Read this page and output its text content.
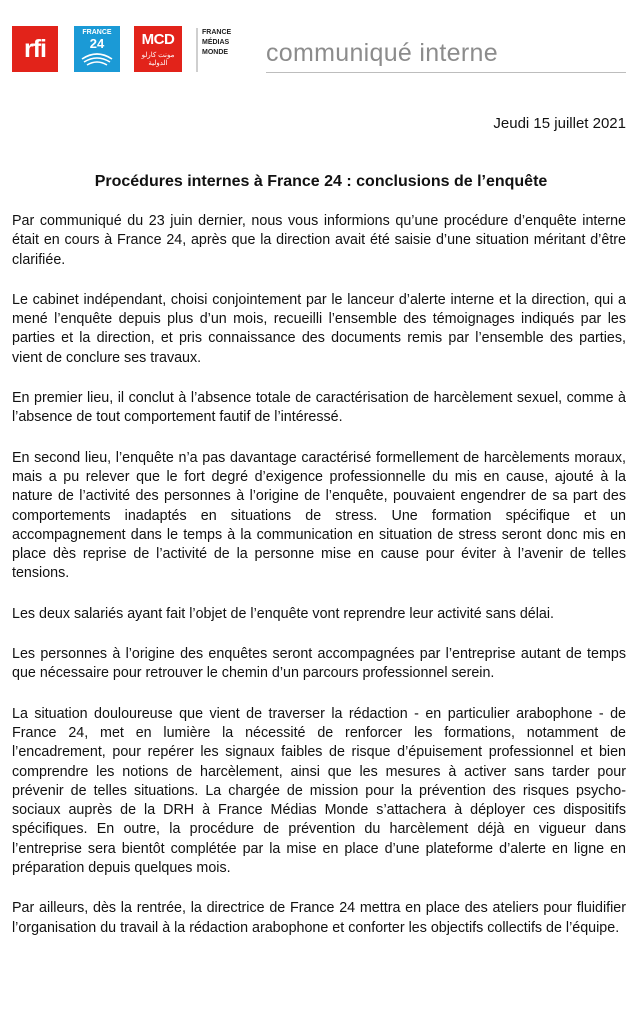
rfi
FRANCE
24	MCD
مونت كارلو الدولية
FRANCE
MÉDIAS
MONDE	communiqué interne
Jeudi 15 juillet 2021
Procédures internes à France 24 : conclusions de l’enquête

Par communiqué du 23 juin dernier, nous vous informions qu’une procédure d’enquête interne était en cours à France 24, après que la direction avait été saisie d’une situation méritant d’être clarifiée.

Le cabinet indépendant, choisi conjointement par le lanceur d’alerte interne et la direction, qui a mené l’enquête depuis plus d’un mois, recueilli l’ensemble des témoignages indiqués par les parties et la direction, et pris connaissance des documents remis par l’ensemble des parties, vient de conclure ses travaux.

En premier lieu, il conclut à l’absence totale de caractérisation de harcèlement sexuel, comme à l’absence de tout comportement fautif de l’intéressé.

En second lieu, l’enquête n’a pas davantage caractérisé formellement de harcèlements moraux, mais a pu relever que le fort degré d’exigence professionnelle du mis en cause, ajouté à la nature de l’activité des personnes à l’origine de l’enquête, pouvaient engendrer de sa part des comportements inadaptés en situations de stress. Une formation spécifique et un accompagnement dans le temps à la communication en situation de stress seront donc mis en place dès reprise de l’activité de la personne mise en cause pour éviter à l’avenir de telles tensions.

Les deux salariés ayant fait l’objet de l’enquête vont reprendre leur activité sans délai.

Les personnes à l’origine des enquêtes seront accompagnées par l’entreprise autant de temps que nécessaire pour retrouver le chemin d’un parcours professionnel serein.

La situation douloureuse que vient de traverser la rédaction - en particulier arabophone - de France 24, met en lumière la nécessité de renforcer les formations, notamment de l’encadrement, pour repérer les signaux faibles de risque d’épuisement professionnel et bien comprendre les notions de harcèlement, ainsi que les mesures à activer sans tarder pour prévenir de telles situations. La chargée de mission pour la prévention des risques psycho-sociaux auprès de la DRH à France Médias Monde s’attachera à déployer ces dispositifs spécifiques. En outre, la procédure de prévention du harcèlement déjà en vigueur dans l’entreprise sera bientôt complétée par la mise en place d’une plateforme d’alerte en ligne en préparation depuis quelques mois.

Par ailleurs, dès la rentrée, la directrice de France 24 mettra en place des ateliers pour fluidifier l’organisation du travail à la rédaction arabophone et conforter les objectifs collectifs de l’équipe.
